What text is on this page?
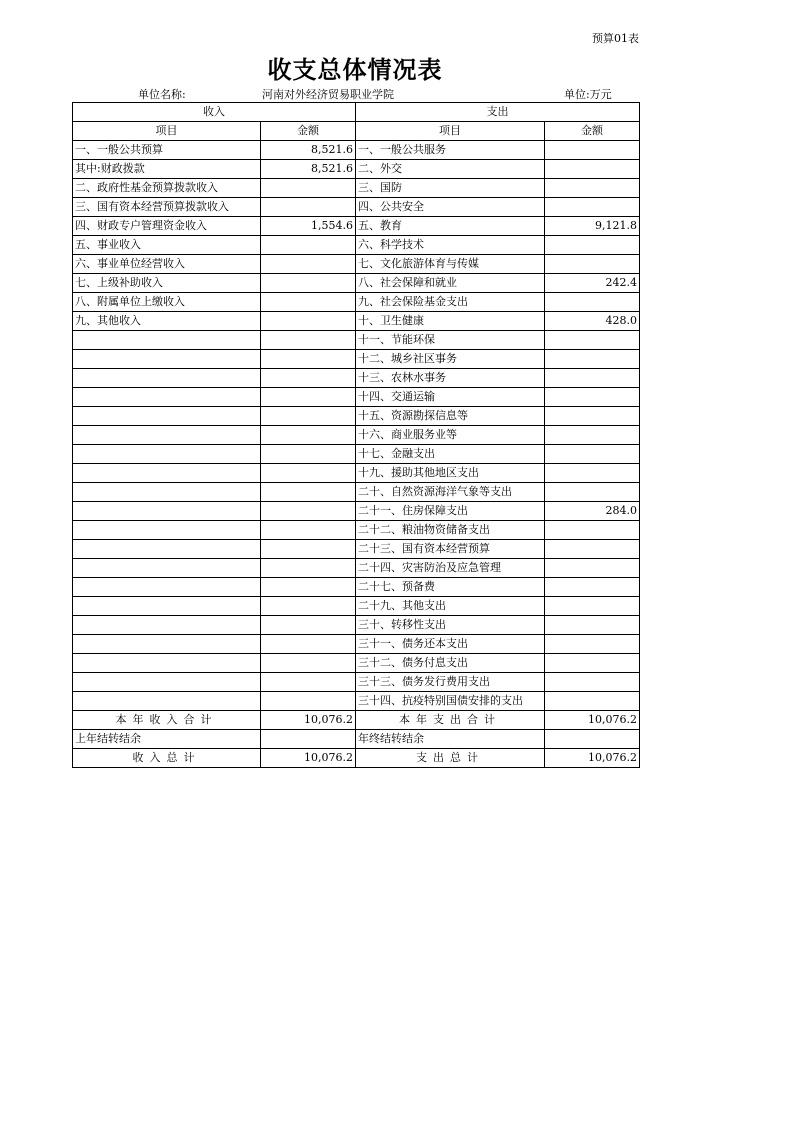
预算01表
收支总体情况表
单位名称:	河南对外经济贸易职业学院	单位:万元
收入		支出	
项目	金额	项目	金额
一、一般公共预算	8,521.6	一、一般公共服务	
其中:财政拨款	8,521.6	二、外交	
二、政府性基金预算拨款收入		三、国防	
三、国有资本经营预算拨款收入		四、公共安全	
四、财政专户管理资金收入	1,554.6	五、教育	9,121.8
五、事业收入		六、科学技术	
六、事业单位经营收入		七、文化旅游体育与传媒	
七、上级补助收入		八、社会保障和就业	242.4
八、附属单位上缴收入		九、社会保险基金支出	
九、其他收入		十、卫生健康	428.0
		十一、节能环保	
		十二、城乡社区事务	
		十三、农林水事务	
		十四、交通运输	
		十五、资源勘探信息等	
		十六、商业服务业等	
		十七、金融支出	
		十九、援助其他地区支出	
		二十、自然资源海洋气象等支出	
		二十一、住房保障支出	284.0
		二十二、粮油物资储备支出	
		二十三、国有资本经营预算	
		二十四、灾害防治及应急管理	
		二十七、预备费	
		二十九、其他支出	
		三十、转移性支出	
		三十一、债务还本支出	
		三十二、债务付息支出	
		三十三、债务发行费用支出	
		三十四、抗疫特别国债安排的支出	
本年收入合计	10,076.2	本年支出合计	10,076.2
上年结转结余		年终结转结余	
收入总计	10,076.2	支出总计	10,076.2
